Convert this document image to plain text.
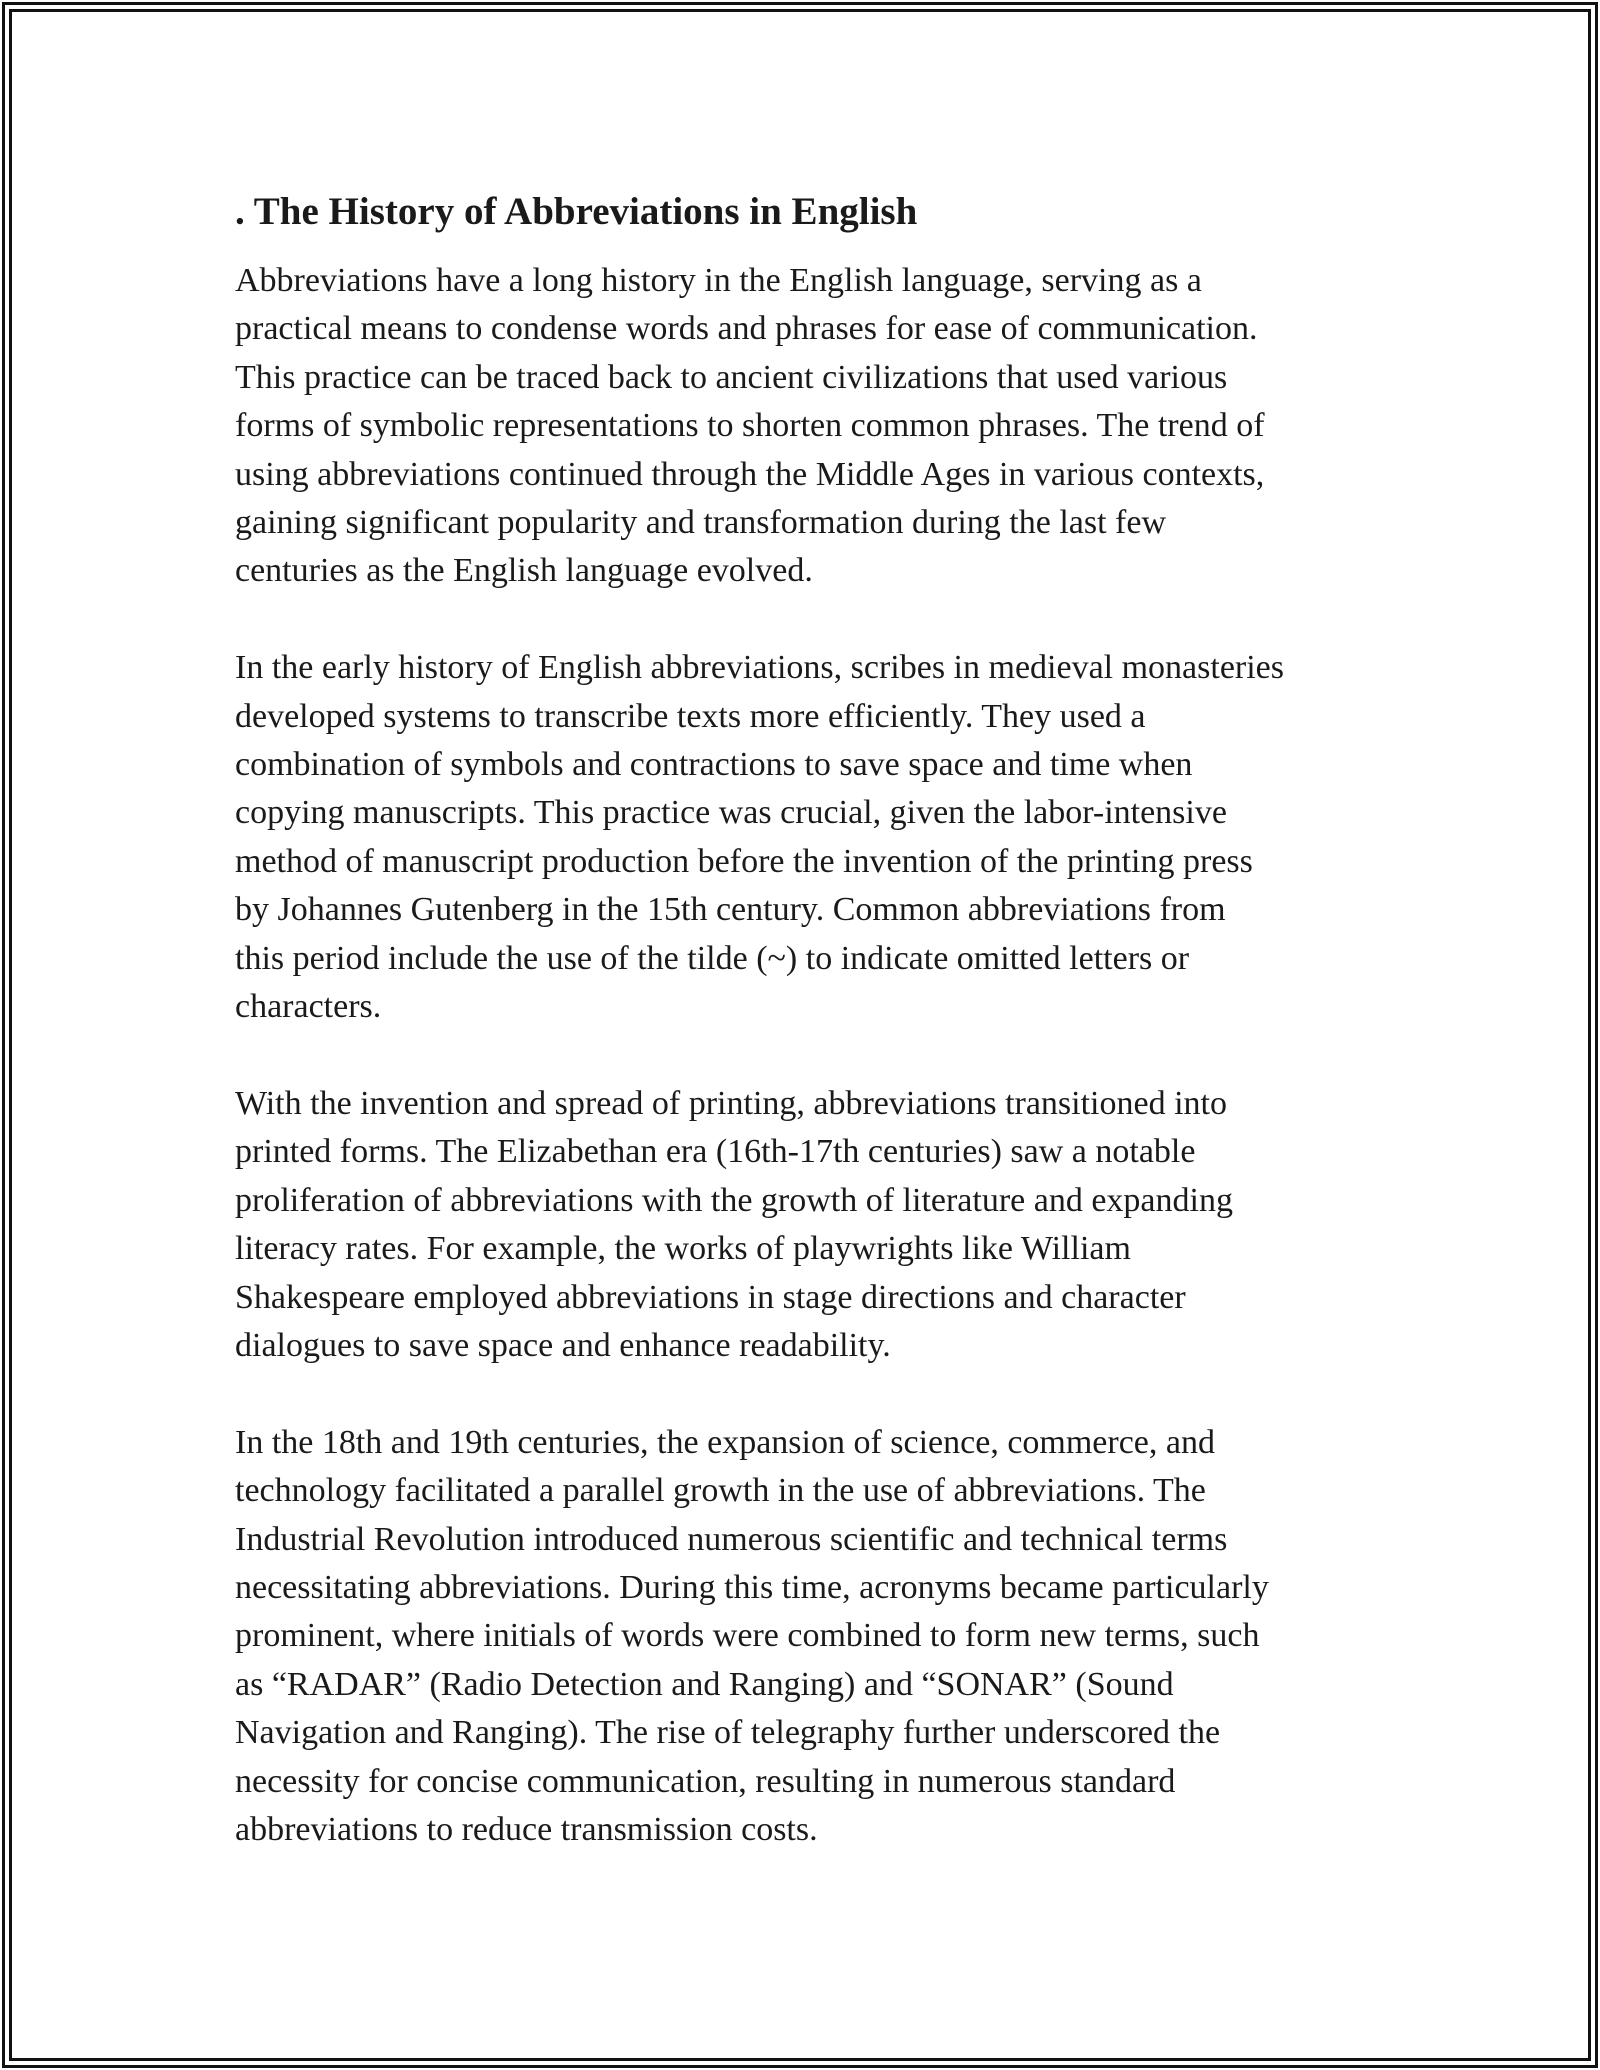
. The History of Abbreviations in English

Abbreviations have a long history in the English language, serving as a
practical means to condense words and phrases for ease of communication.
This practice can be traced back to ancient civilizations that used various
forms of symbolic representations to shorten common phrases. The trend of
using abbreviations continued through the Middle Ages in various contexts,
gaining significant popularity and transformation during the last few
centuries as the English language evolved.

In the early history of English abbreviations, scribes in medieval monasteries
developed systems to transcribe texts more efficiently. They used a
combination of symbols and contractions to save space and time when
copying manuscripts. This practice was crucial, given the labor-intensive
method of manuscript production before the invention of the printing press
by Johannes Gutenberg in the 15th century. Common abbreviations from
this period include the use of the tilde (~) to indicate omitted letters or
characters.

With the invention and spread of printing, abbreviations transitioned into
printed forms. The Elizabethan era (16th-17th centuries) saw a notable
proliferation of abbreviations with the growth of literature and expanding
literacy rates. For example, the works of playwrights like William
Shakespeare employed abbreviations in stage directions and character
dialogues to save space and enhance readability.

In the 18th and 19th centuries, the expansion of science, commerce, and
technology facilitated a parallel growth in the use of abbreviations. The
Industrial Revolution introduced numerous scientific and technical terms
necessitating abbreviations. During this time, acronyms became particularly
prominent, where initials of words were combined to form new terms, such
as “RADAR” (Radio Detection and Ranging) and “SONAR” (Sound
Navigation and Ranging). The rise of telegraphy further underscored the
necessity for concise communication, resulting in numerous standard
abbreviations to reduce transmission costs.
